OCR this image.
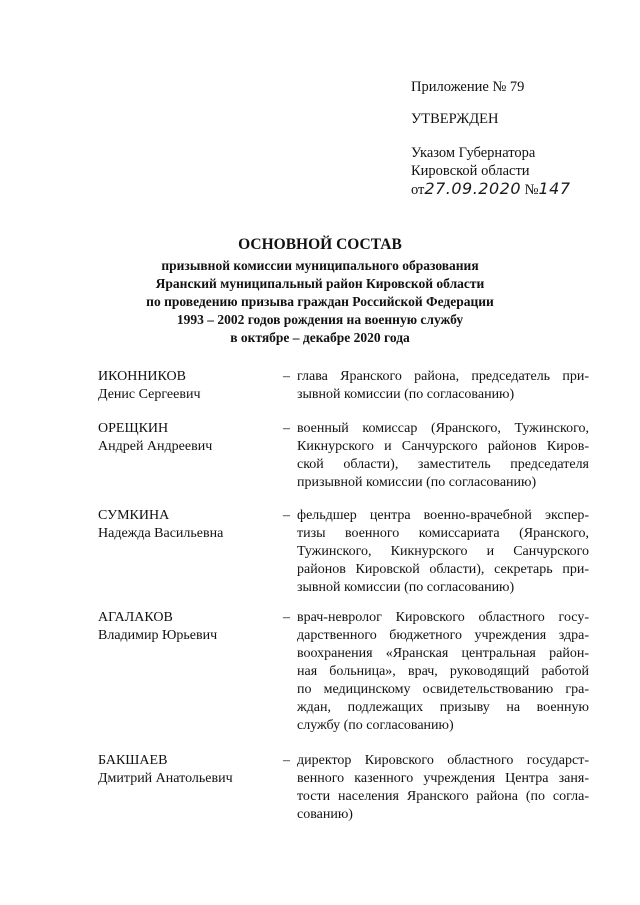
Приложение № 79
УТВЕРЖДЕН
Указом Губернатора
Кировской области
от27.09.2020 №147
ОСНОВНОЙ СОСТАВ
призывной комиссии муниципального образования
Яранский муниципальный район Кировской области
по проведению призыва граждан Российской Федерации
1993 – 2002 годов рождения на военную службу
в октябре – декабре 2020 года
ИКОННИКОВ
Денис Сергеевич
– глава Яранского района, председатель при-
зывной комиссии (по согласованию)
ОРЕЩКИН
Андрей Андреевич
– военный комиссар (Яранского, Тужинского,
Кикнурского и Санчурского районов Киров-
ской области), заместитель председателя
призывной комиссии (по согласованию)
СУМКИНА
Надежда Васильевна
– фельдшер центра военно-врачебной экспер-
тизы военного комиссариата (Яранского,
Тужинского, Кикнурского и Санчурского
районов Кировской области), секретарь при-
зывной комиссии (по согласованию)
АГАЛАКОВ
Владимир Юрьевич
– врач-невролог Кировского областного госу-
дарственного бюджетного учреждения здра-
воохранения «Яранская центральная район-
ная больница», врач, руководящий работой
по медицинскому освидетельствованию гра-
ждан, подлежащих призыву на военную
службу (по согласованию)
БАКШАЕВ
Дмитрий Анатольевич
– директор Кировского областного государст-
венного казенного учреждения Центра заня-
тости населения Яранского района (по согла-
сованию)
